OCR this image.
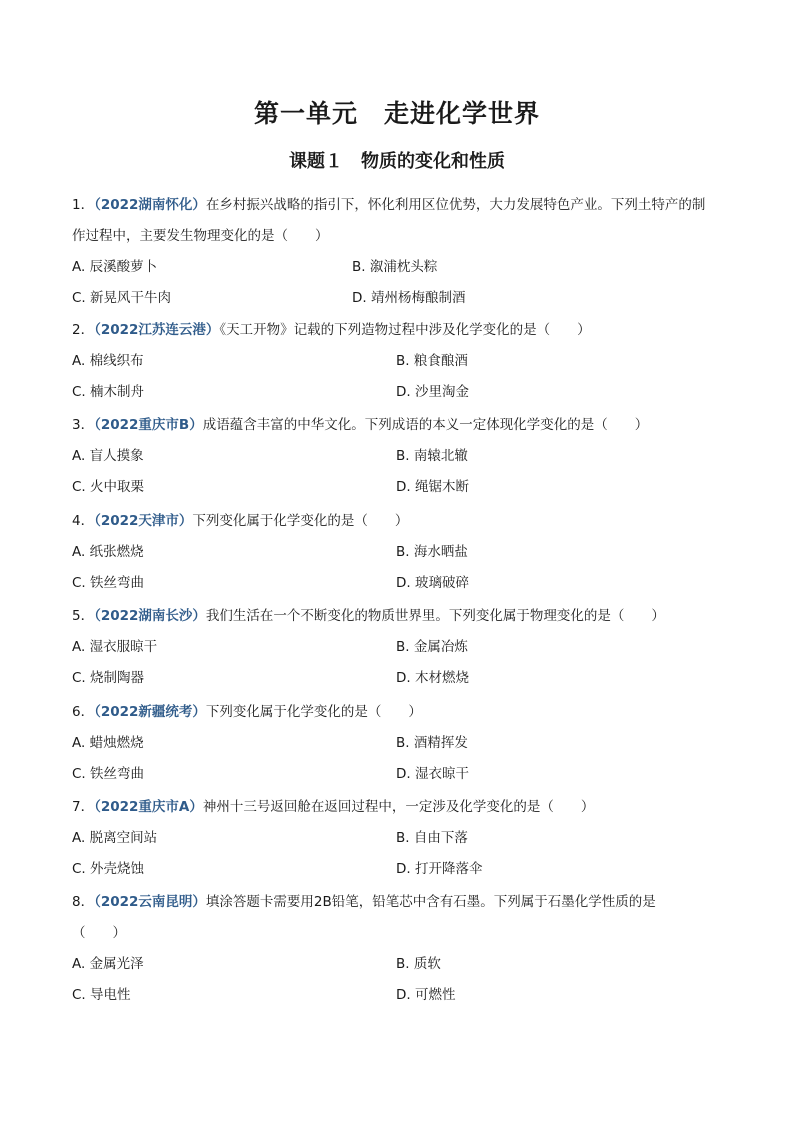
第一单元　走进化学世界
课题１　物质的变化和性质
1．（2022湖南怀化）在乡村振兴战略的指引下，怀化利用区位优势，大力发展特色产业。下列土特产的制
作过程中，主要发生物理变化的是（　　）
A. 辰溪酸萝卜	B. 溆浦枕头粽
C. 新晃风干牛肉	D. 靖州杨梅酿制酒
2．（2022江苏连云港）《天工开物》记载的下列造物过程中涉及化学变化的是（　　）
A. 棉线织布	B. 粮食酿酒
C. 楠木制舟	D. 沙里淘金
3．（2022重庆市B）成语蕴含丰富的中华文化。下列成语的本义一定体现化学变化的是（　　）
A. 盲人摸象	B. 南辕北辙
C. 火中取栗	D. 绳锯木断
4．（2022天津市）下列变化属于化学变化的是（　　）
A. 纸张燃烧	B. 海水晒盐
C. 铁丝弯曲	D. 玻璃破碎
5．（2022湖南长沙）我们生活在一个不断变化的物质世界里。下列变化属于物理变化的是（　　）
A. 湿衣服晾干	B. 金属冶炼
C. 烧制陶器	D. 木材燃烧
6．（2022新疆统考）下列变化属于化学变化的是（　　）
A. 蜡烛燃烧	B. 酒精挥发
C. 铁丝弯曲	D. 湿衣晾干
7．（2022重庆市A）神州十三号返回舱在返回过程中，一定涉及化学变化的是（　　）
A. 脱离空间站	B. 自由下落
C. 外壳烧蚀	D. 打开降落伞
8．（2022云南昆明）填涂答题卡需要用2B铅笔，铅笔芯中含有石墨。下列属于石墨化学性质的是
（　　）
A. 金属光泽	B. 质软
C. 导电性	D. 可燃性
